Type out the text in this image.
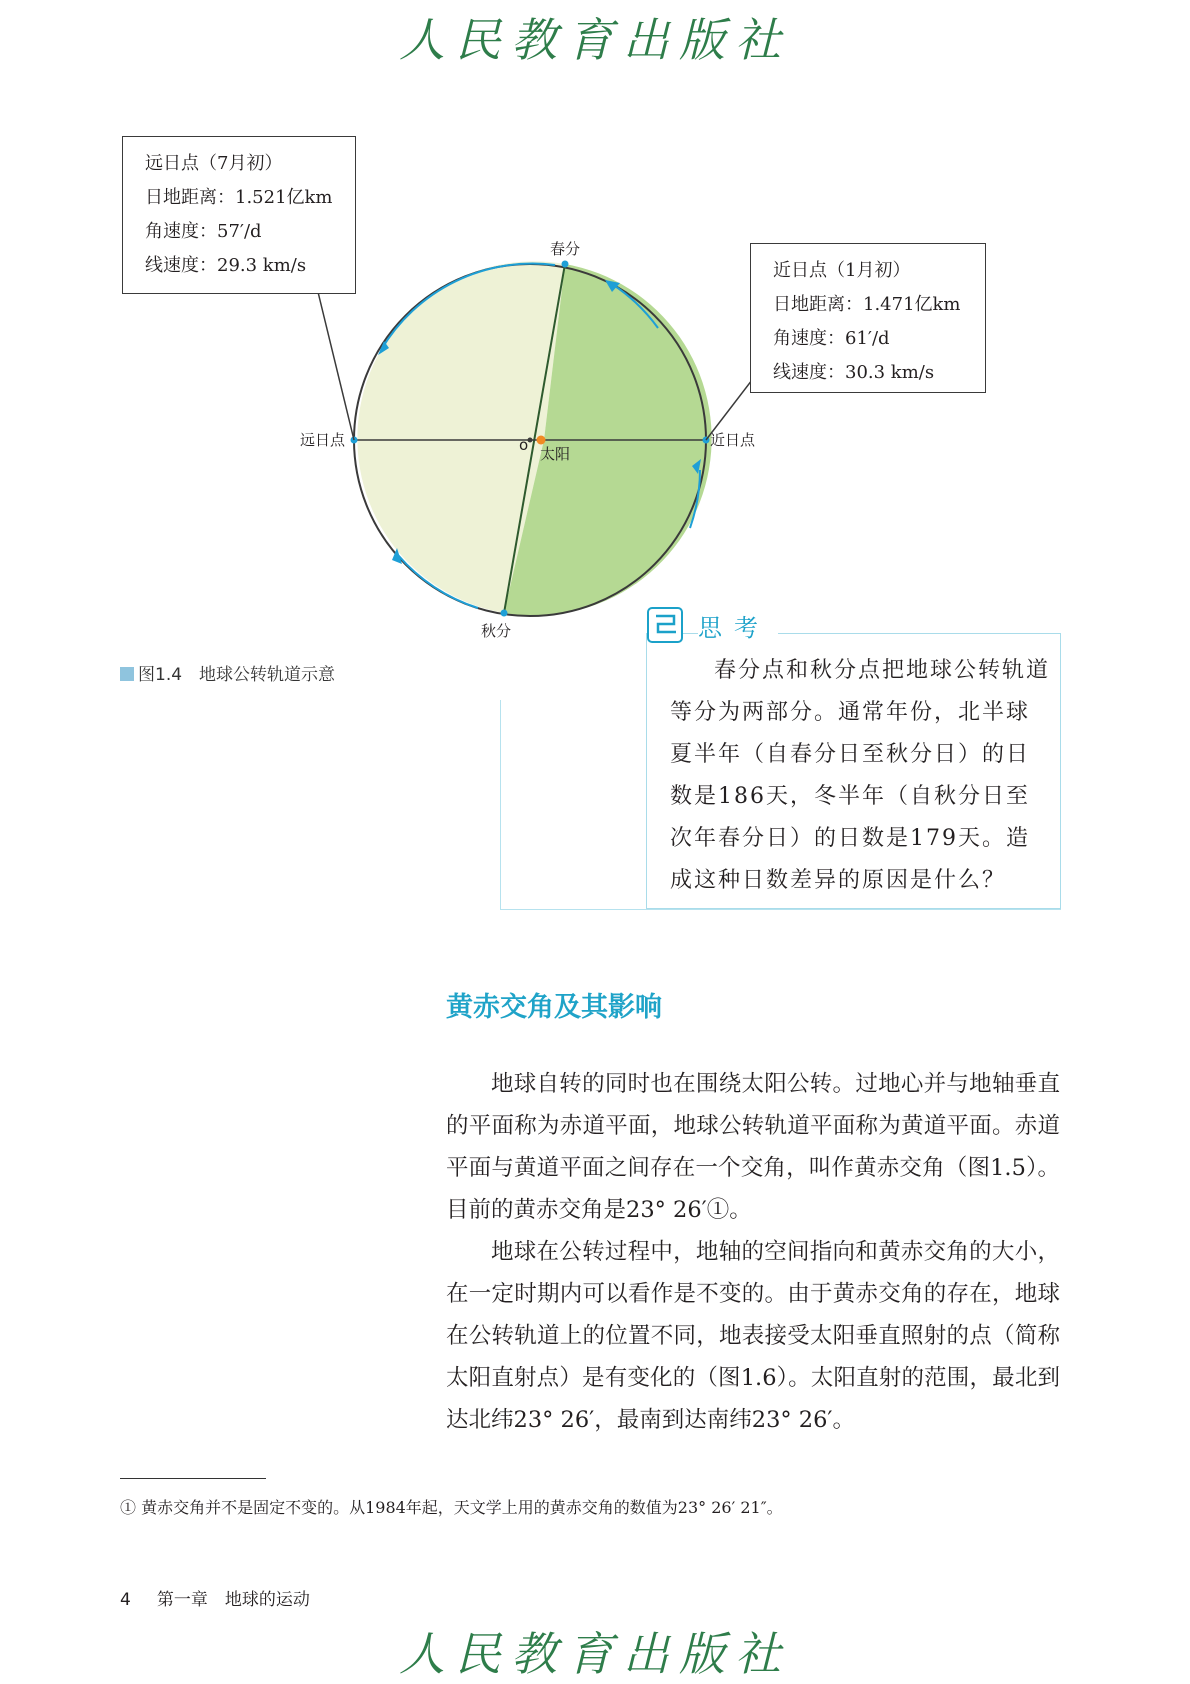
人民教育出版社
春分
秋分
远日点	近日点
o 太阳
远日点（7月初）
日地距离：1.521亿km
角速度：57′/d
线速度：29.3 km/s	近日点（1月初）
日地距离：1.471亿km
角速度：61′/d
线速度：30.3 km/s
图1.4　地球公转轨道示意
思考

春分点和秋分点把地球公转轨道等分为两部分。通常年份，北半球夏半年（自春分日至秋分日）的日数是186天，冬半年（自秋分日至次年春分日）的日数是179天。造成这种日数差异的原因是什么？

黄赤交角及其影响

地球自转的同时也在围绕太阳公转。过地心并与地轴垂直的平面称为赤道平面，地球公转轨道平面称为黄道平面。赤道平面与黄道平面之间存在一个交角，叫作黄赤交角（图1.5）。目前的黄赤交角是23° 26′①。

地球在公转过程中，地轴的空间指向和黄赤交角的大小，在一定时期内可以看作是不变的。由于黄赤交角的存在，地球在公转轨道上的位置不同，地表接受太阳垂直照射的点（简称太阳直射点）是有变化的（图1.6）。太阳直射的范围，最北到达北纬23° 26′，最南到达南纬23° 26′。

① 黄赤交角并不是固定不变的。从1984年起，天文学上用的黄赤交角的数值为23° 26′ 21″。
4 第一章　地球的运动
人民教育出版社
